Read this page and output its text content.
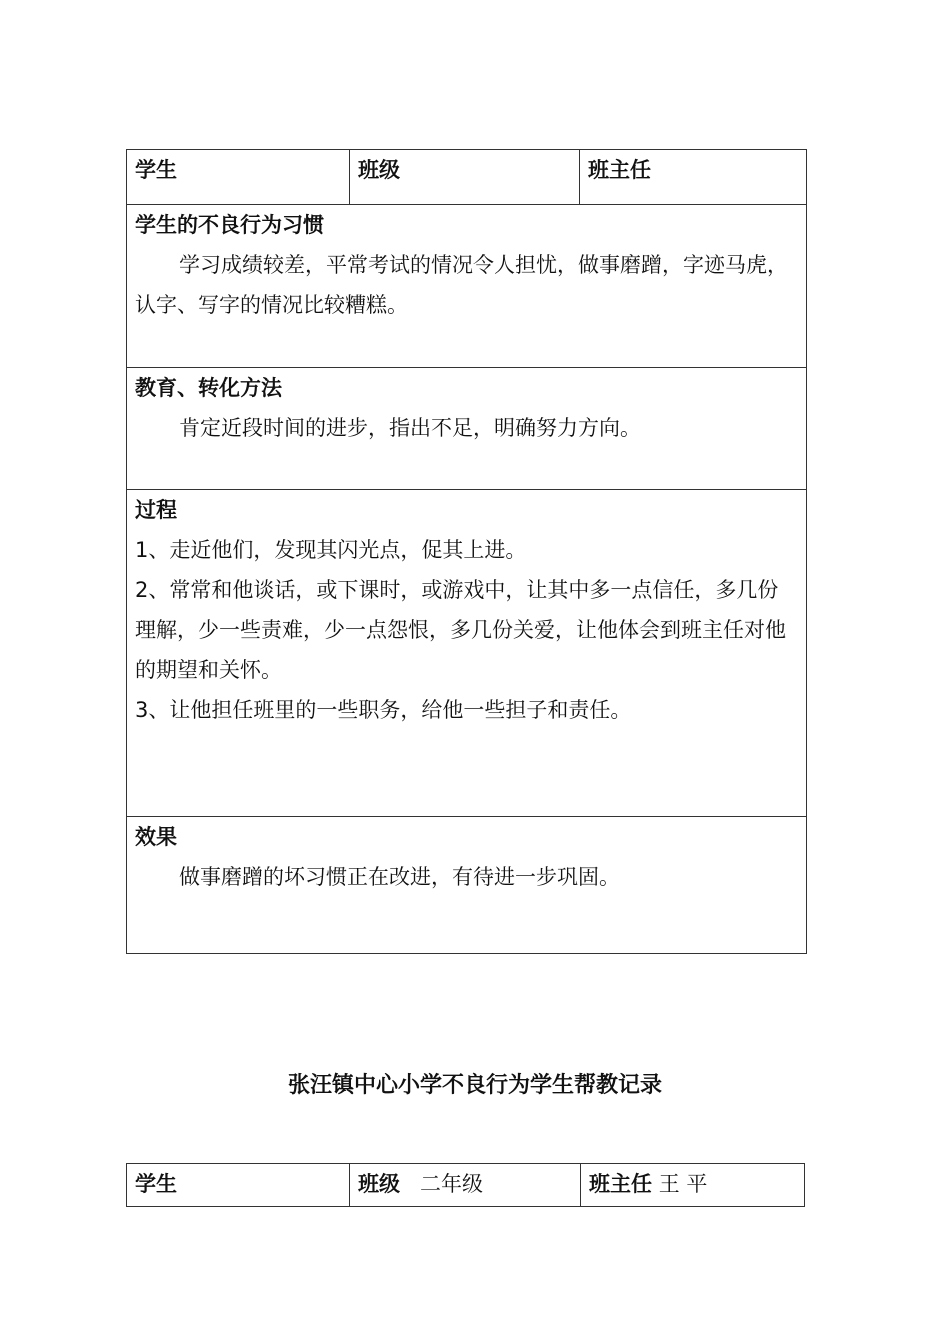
学生	班级	班主任

学生的不良行为习惯

学习成绩较差，平常考试的情况令人担忧，做事磨蹭，字迹马虎，认字、写字的情况比较糟糕。

教育、转化方法

肯定近段时间的进步，指出不足，明确努力方向。

过程

1、走近他们，发现其闪光点，促其上进。

2、常常和他谈话，或下课时，或游戏中，让其中多一点信任，多几份理解，少一些责难，少一点怨恨，多几份关爱，让他体会到班主任对他的期望和关怀。

3、让他担任班里的一些职务，给他一些担子和责任。

效果

做事磨蹭的坏习惯正在改进，有待进一步巩固。

张汪镇中心小学不良行为学生帮教记录
学生	班级 二年级	班主任 王 平
